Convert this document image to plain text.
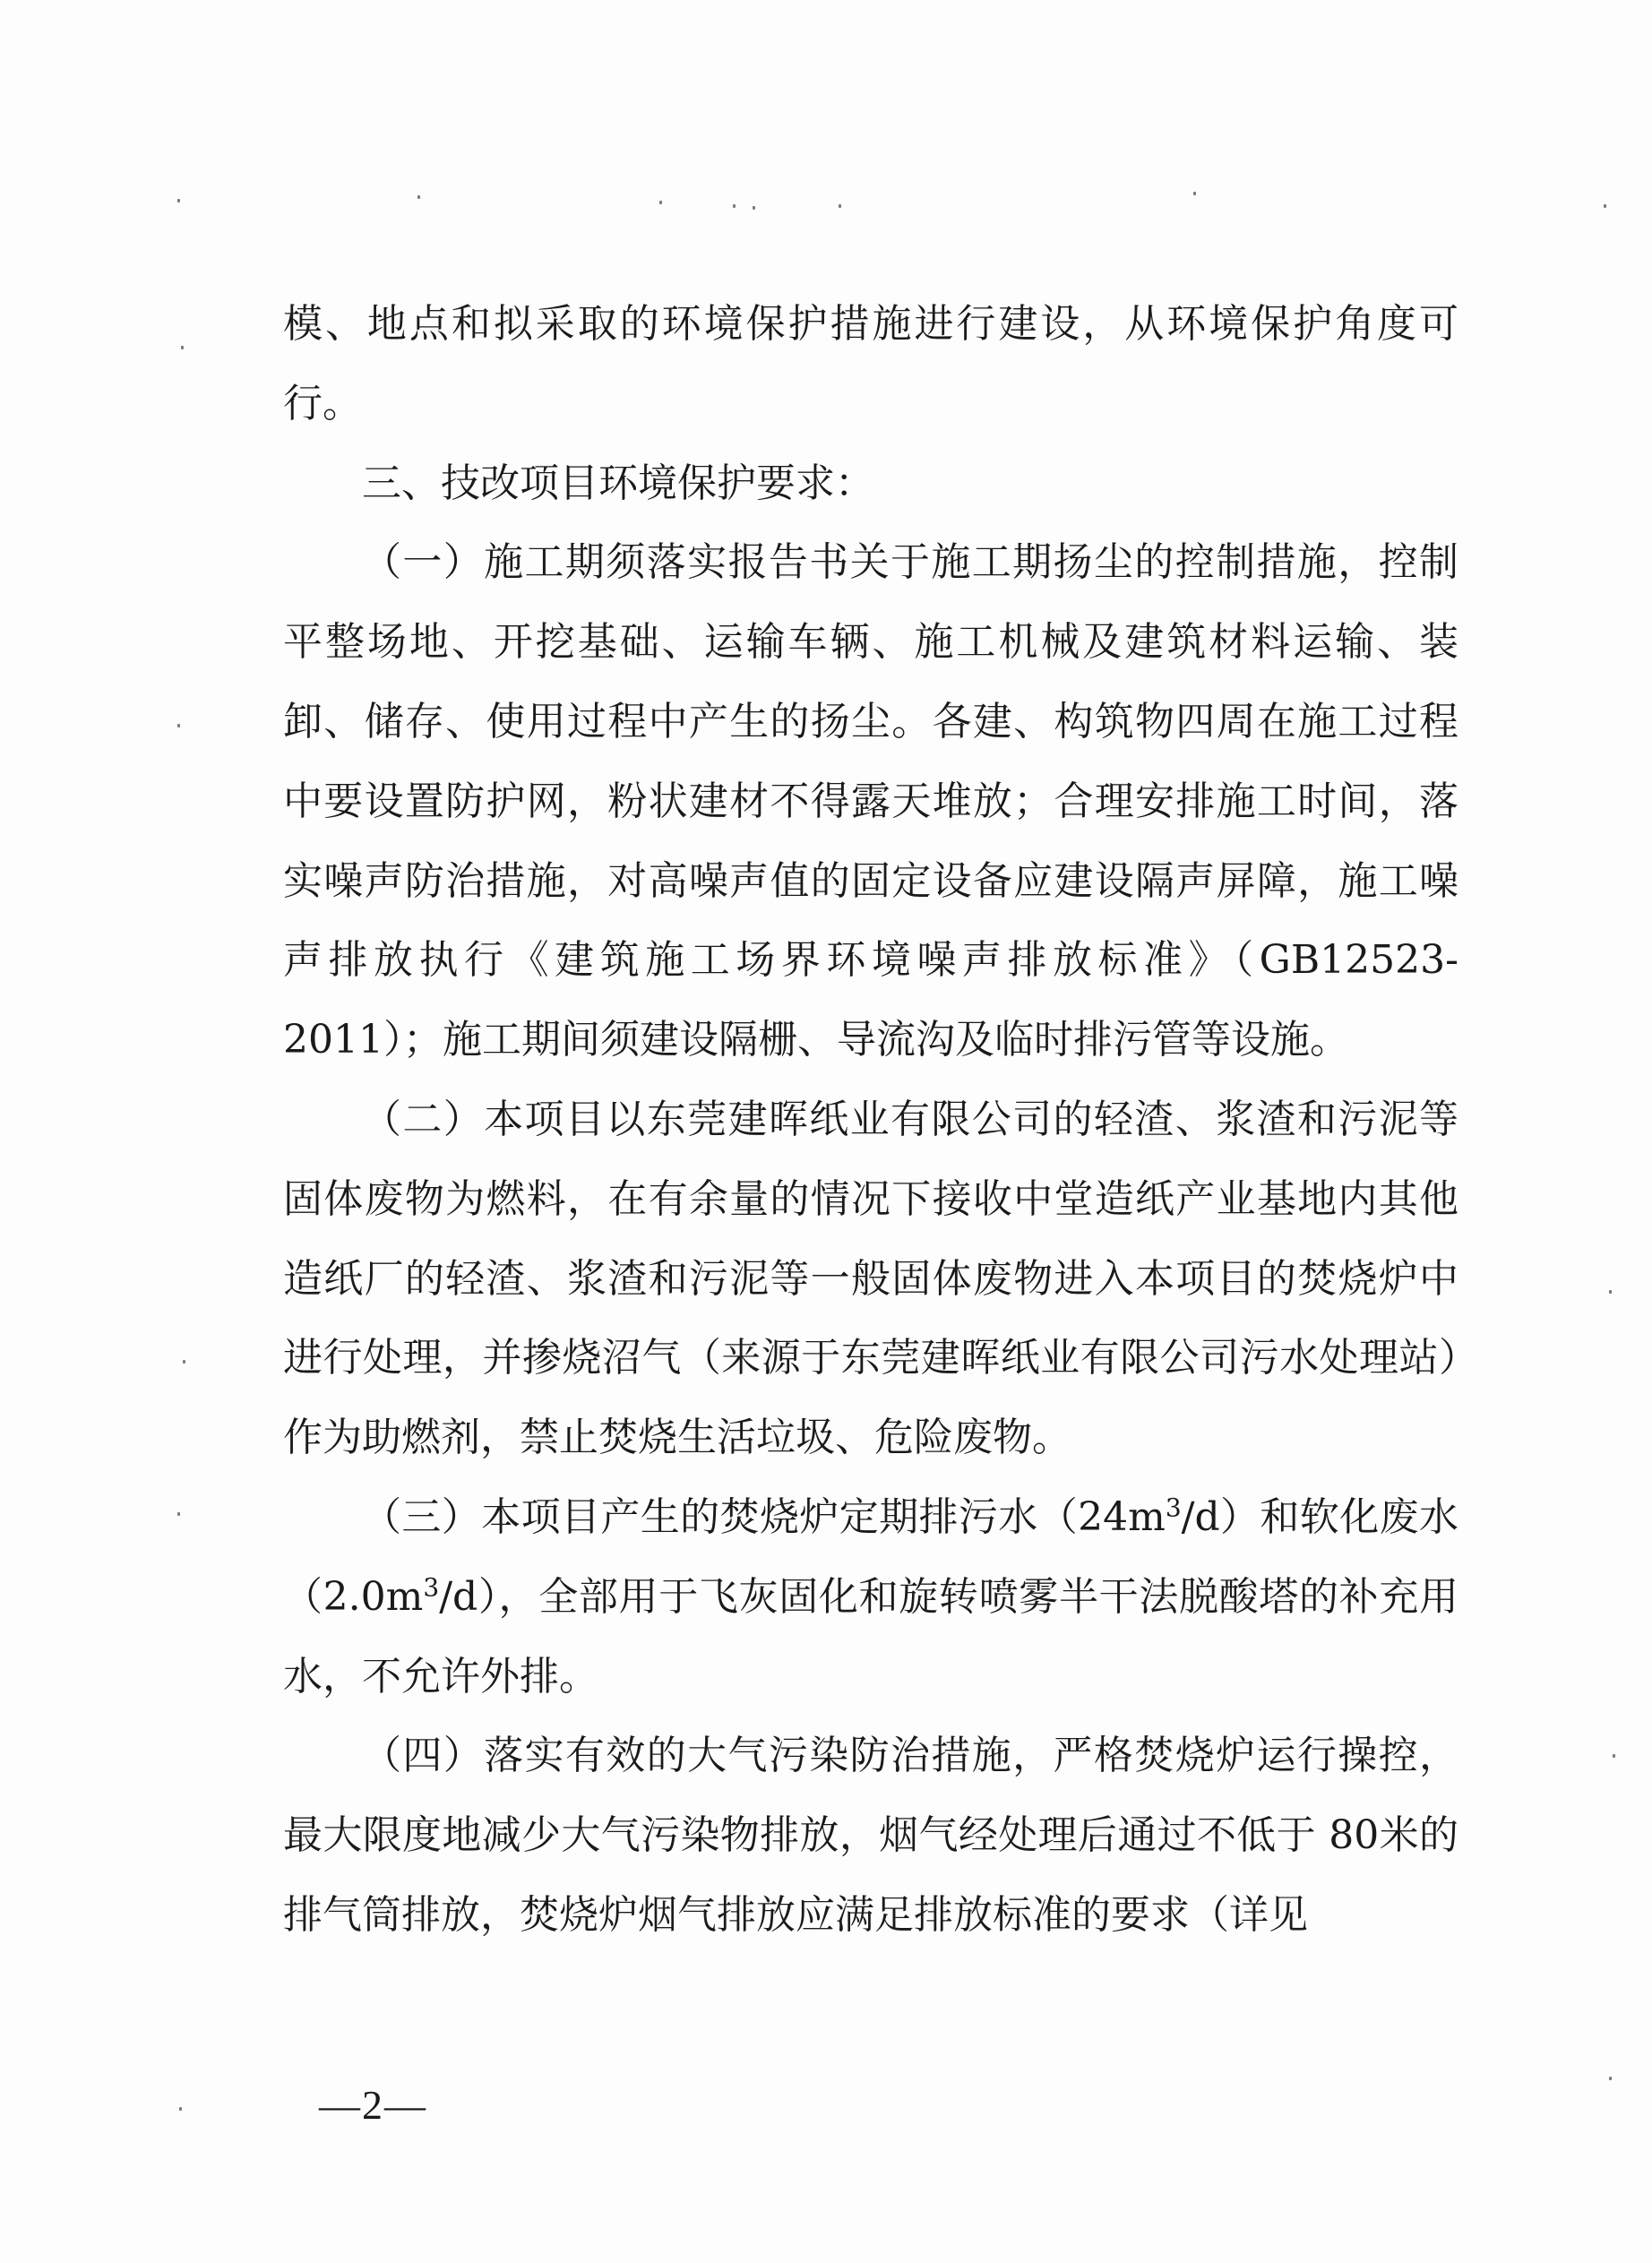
模、地点和拟采取的环境保护措施进行建设，从环境保护角度可行。

三、技改项目环境保护要求：

（一）施工期须落实报告书关于施工期扬尘的控制措施，控制平整场地、开挖基础、运输车辆、施工机械及建筑材料运输、装卸、储存、使用过程中产生的扬尘。各建、构筑物四周在施工过程中要设置防护网，粉状建材不得露天堆放；合理安排施工时间，落实噪声防治措施，对高噪声值的固定设备应建设隔声屏障，施工噪声排放执行《建筑施工场界环境噪声排放标准》（GB12523-2011）；施工期间须建设隔栅、导流沟及临时排污管等设施。

（二）本项目以东莞建晖纸业有限公司的轻渣、浆渣和污泥等固体废物为燃料，在有余量的情况下接收中堂造纸产业基地内其他造纸厂的轻渣、浆渣和污泥等一般固体废物进入本项目的焚烧炉中进行处理，并掺烧沼气（来源于东莞建晖纸业有限公司污水处理站）作为助燃剂，禁止焚烧生活垃圾、危险废物。

（三）本项目产生的焚烧炉定期排污水$(24m^3/d)$和软化废水$(2.0m^3/d)$，全部用于飞灰固化和旋转喷雾半干法脱酸塔的补充用水，不允许外排。

（四）落实有效的大气污染防治措施，严格焚烧炉运行操控，最大限度地减少大气污染物排放，烟气经处理后通过不低于 80米的排气筒排放，焚烧炉烟气排放应满足排放标准的要求（详见

—2—
